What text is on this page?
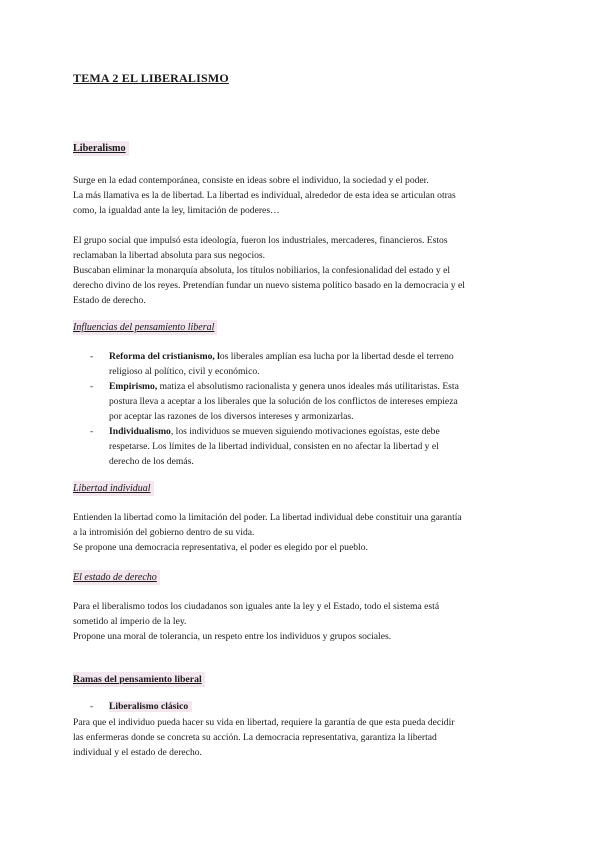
TEMA 2 EL LIBERALISMO
Liberalismo
Surge en la edad contemporánea, consiste en ideas sobre el individuo, la sociedad y el poder.
La más llamativa es la de libertad. La libertad es individual, alrededor de esta idea se articulan otras
como, la igualdad ante la ley, limitación de poderes…
El grupo social que impulsó esta ideología, fueron los industriales, mercaderes, financieros. Estos
reclamaban la libertad absoluta para sus negocios.
Buscaban eliminar la monarquía absoluta, los títulos nobiliarios, la confesionalidad del estado y el
derecho divino de los reyes. Pretendían fundar un nuevo sistema político basado en la democracia y el
Estado de derecho.
Influencias del pensamiento liberal
- Reforma del cristianismo, los liberales amplían esa lucha por la libertad desde el terreno
religioso al político, civil y económico.
- Empirismo, matiza el absolutismo racionalista y genera unos ideales más utilitaristas. Esta
postura lleva a aceptar a los liberales que la solución de los conflictos de intereses empieza
por aceptar las razones de los diversos intereses y armonizarlas.
- Individualismo, los individuos se mueven siguiendo motivaciones egoístas, este debe
respetarse. Los límites de la libertad individual, consisten en no afectar la libertad y el
derecho de los demás.
Libertad individual
Entienden la libertad como la limitación del poder. La libertad individual debe constituir una garantía
a la intromisión del gobierno dentro de su vida.
Se propone una democracia representativa, el poder es elegido por el pueblo.
El estado de derecho
Para el liberalismo todos los ciudadanos son iguales ante la ley y el Estado, todo el sistema está
sometido al imperio de la ley.
Propone una moral de tolerancia, un respeto entre los individuos y grupos sociales.
Ramas del pensamiento liberal
- Liberalismo clásico
Para que el individuo pueda hacer su vida en libertad, requiere la garantía de que esta pueda decidir
las enfermeras donde se concreta su acción. La democracia representativa, garantiza la libertad
individual y el estado de derecho.
